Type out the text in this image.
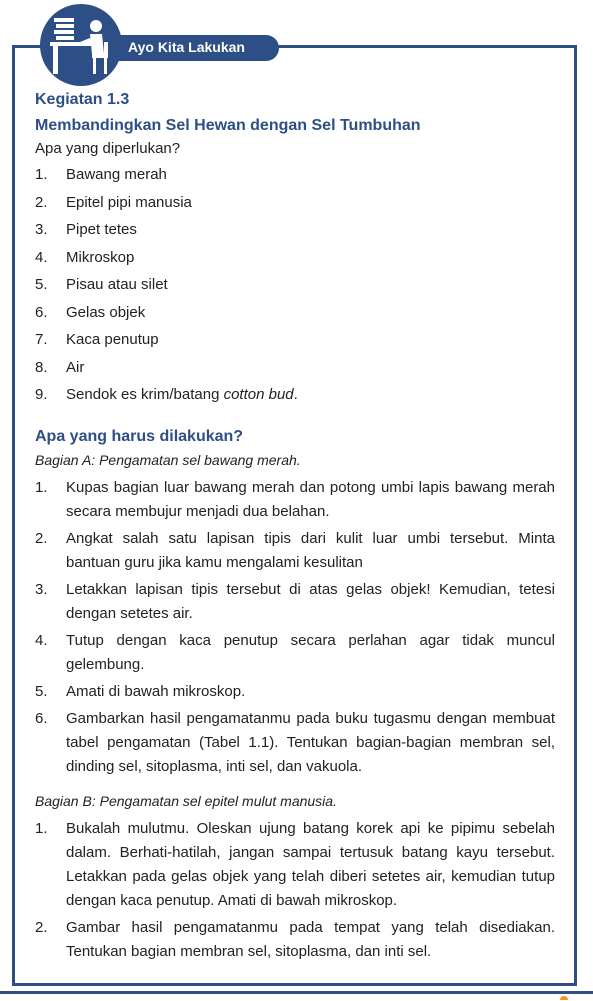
Ayo Kita Lakukan

Kegiatan 1.3

Membandingkan Sel Hewan dengan Sel Tumbuhan

Apa yang diperlukan?

1.	Bawang merah
2.	Epitel pipi manusia
3.	Pipet tetes
4.	Mikroskop
5.	Pisau atau silet
6.	Gelas objek
7.	Kaca penutup
8.	Air
9.	Sendok es krim/batang cotton bud.

Apa yang harus dilakukan?

Bagian A: Pengamatan sel bawang merah.

1.	Kupas bagian luar bawang merah dan potong umbi lapis bawang merah secara membujur menjadi dua belahan.
2.	Angkat salah satu lapisan tipis dari kulit luar umbi tersebut. Minta bantuan guru jika kamu mengalami kesulitan
3.	Letakkan lapisan tipis tersebut di atas gelas objek! Kemudian, tetesi dengan setetes air.
4.	Tutup dengan kaca penutup secara perlahan agar tidak muncul gelembung.
5.	Amati di bawah mikroskop.
6.	Gambarkan hasil pengamatanmu pada buku tugasmu dengan membuat tabel pengamatan (Tabel 1.1). Tentukan bagian-bagian membran sel, dinding sel, sitoplasma, inti sel, dan vakuola.

Bagian B: Pengamatan sel epitel mulut manusia.

1.	Bukalah mulutmu. Oleskan ujung batang korek api ke pipimu sebelah dalam. Berhati-hatilah, jangan sampai tertusuk batang kayu tersebut. Letakkan pada gelas objek yang telah diberi setetes air, kemudian tutup dengan kaca penutup. Amati di bawah mikroskop.
2.	Gambar hasil pengamatanmu pada tempat yang telah disediakan. Tentukan bagian membran sel, sitoplasma, dan inti sel.
